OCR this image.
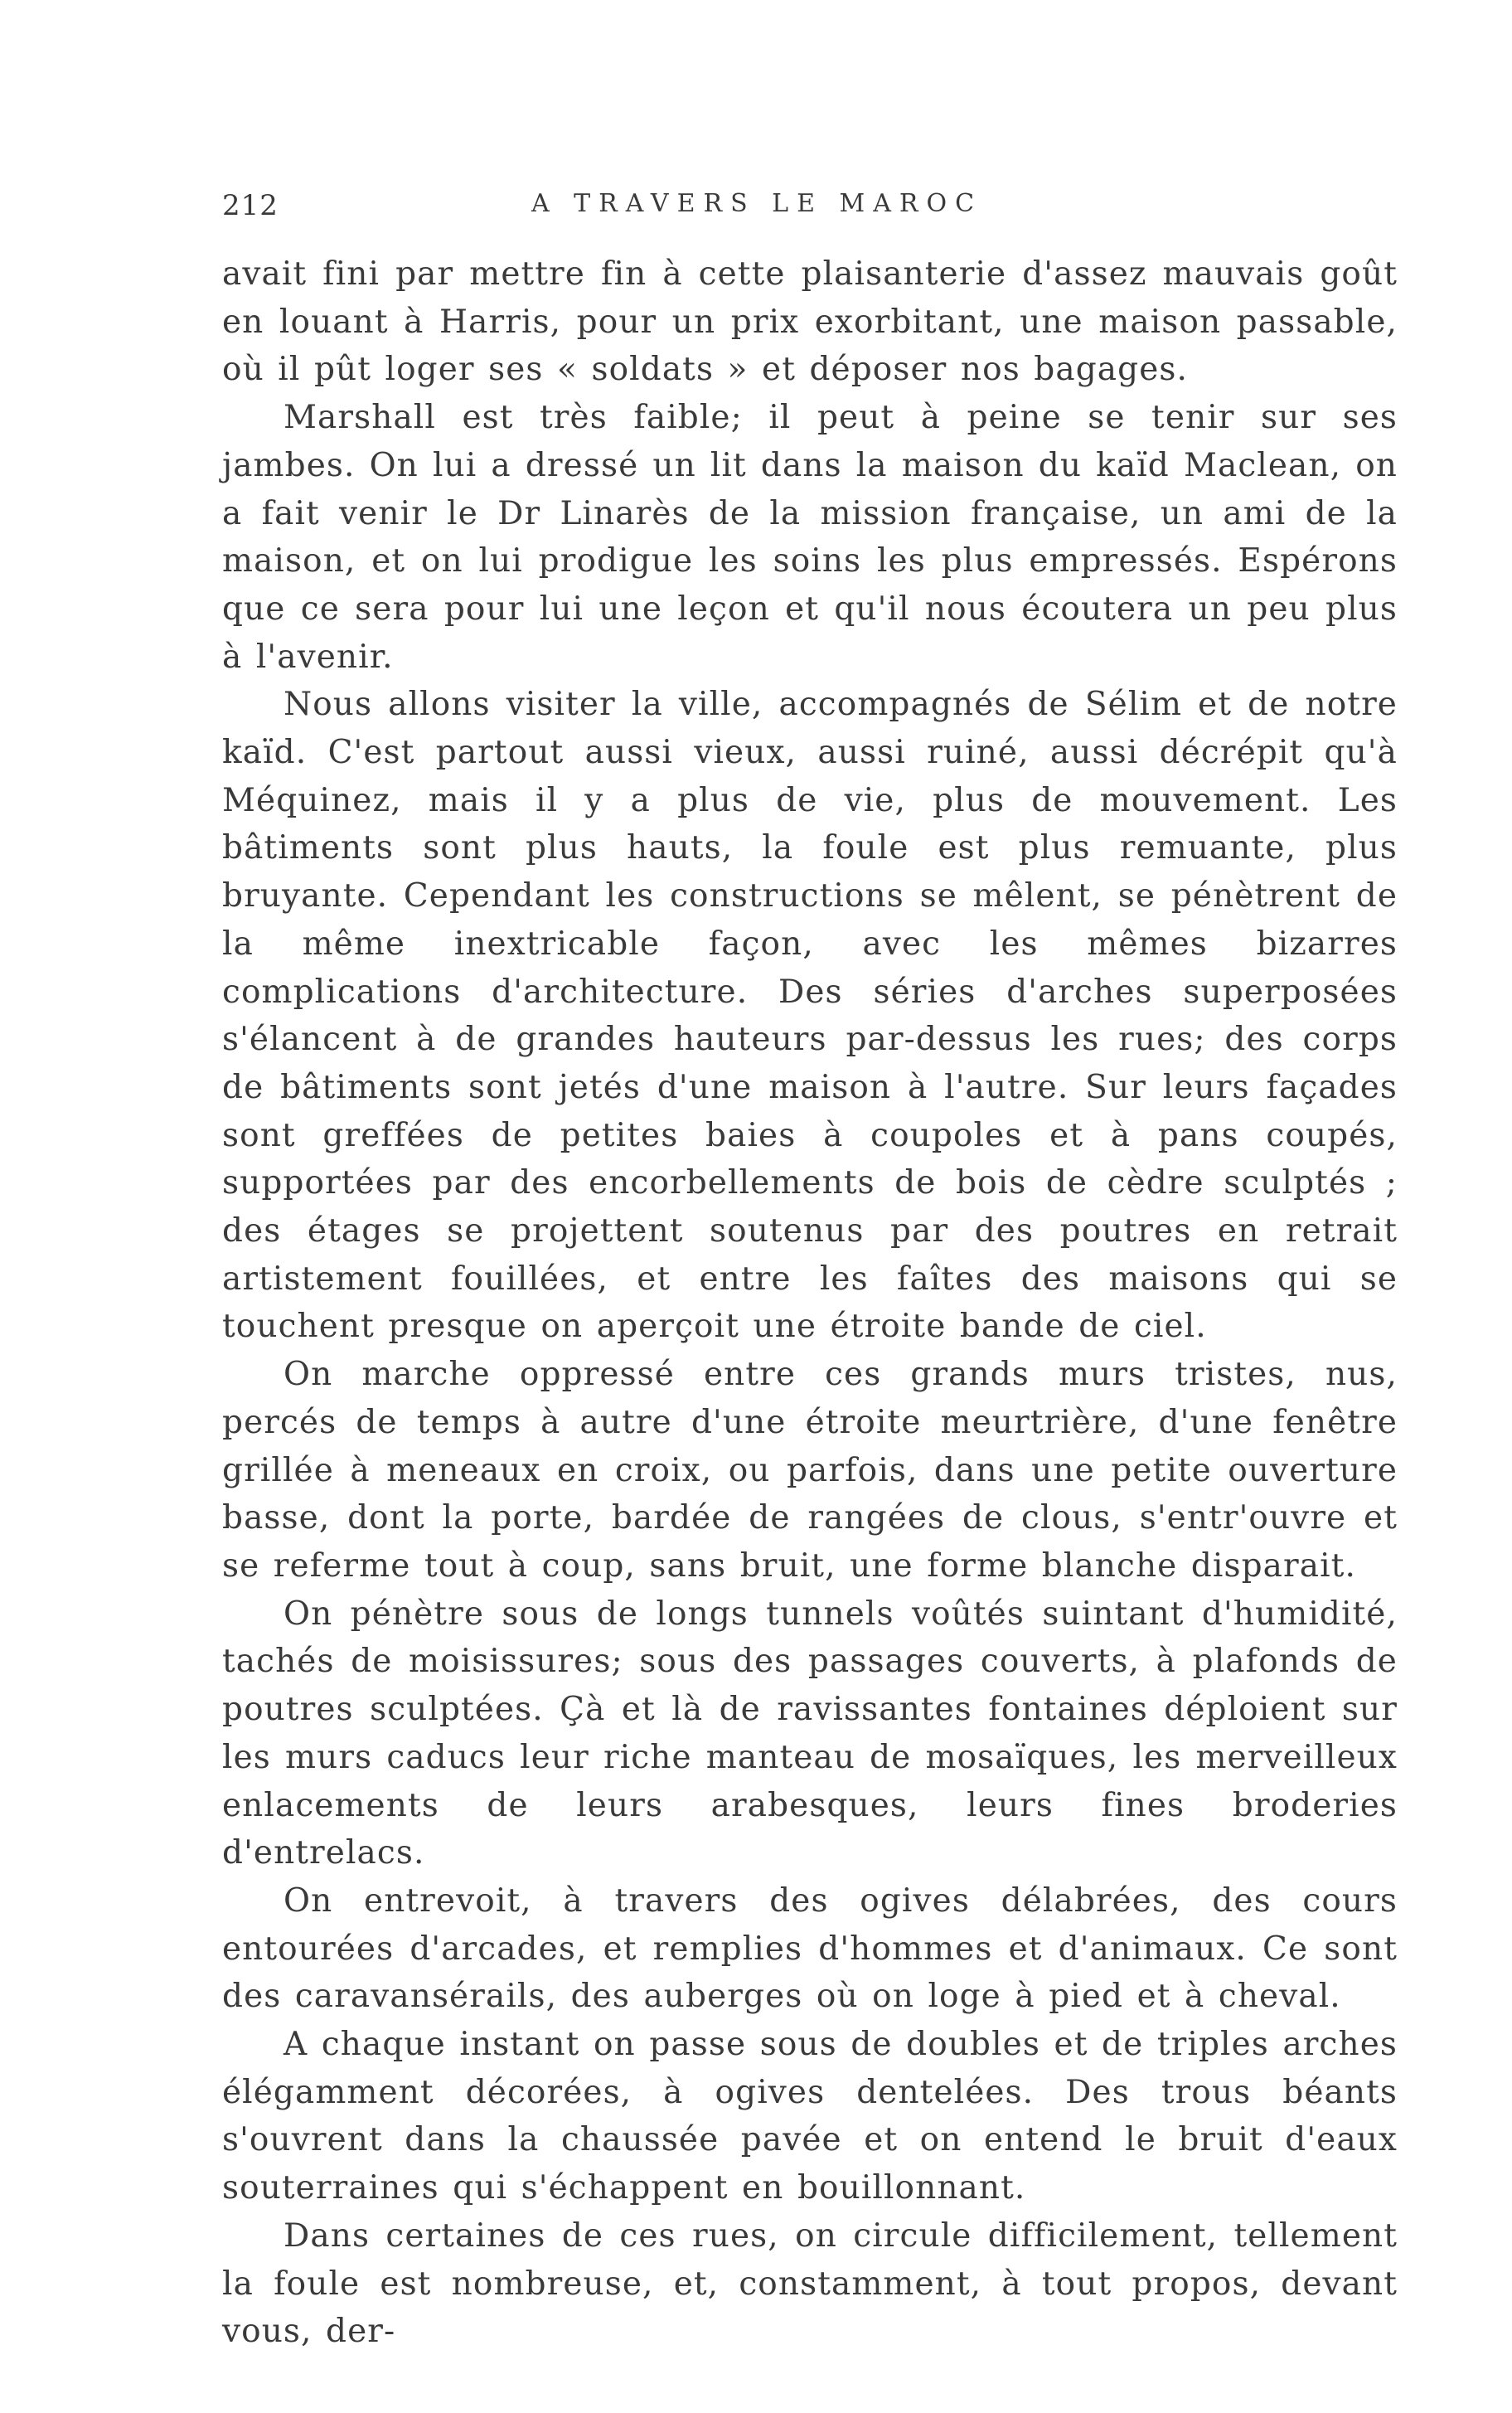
212	A TRAVERS LE MAROC

avait fini par mettre fin à cette plaisanterie d'assez mauvais goût en louant à Harris, pour un prix exorbitant, une maison passable, où il pût loger ses « soldats » et déposer nos bagages.

Marshall est très faible; il peut à peine se tenir sur ses jambes. On lui a dressé un lit dans la maison du kaïd Maclean, on a fait venir le Dr Linarès de la mission française, un ami de la maison, et on lui prodigue les soins les plus empressés. Espérons que ce sera pour lui une leçon et qu'il nous écoutera un peu plus à l'avenir.

Nous allons visiter la ville, accompagnés de Sélim et de notre kaïd. C'est partout aussi vieux, aussi ruiné, aussi décrépit qu'à Méquinez, mais il y a plus de vie, plus de mouvement. Les bâtiments sont plus hauts, la foule est plus remuante, plus bruyante. Cependant les constructions se mêlent, se pénètrent de la même inextricable façon, avec les mêmes bizarres complications d'architecture. Des séries d'arches superposées s'élancent à de grandes hauteurs par-dessus les rues; des corps de bâtiments sont jetés d'une maison à l'autre. Sur leurs façades sont greffées de petites baies à coupoles et à pans coupés, supportées par des encorbellements de bois de cèdre sculptés ; des étages se projettent soutenus par des poutres en retrait artistement fouillées, et entre les faîtes des maisons qui se touchent presque on aperçoit une étroite bande de ciel.

On marche oppressé entre ces grands murs tristes, nus, percés de temps à autre d'une étroite meurtrière, d'une fenêtre grillée à meneaux en croix, ou parfois, dans une petite ouverture basse, dont la porte, bardée de rangées de clous, s'entr'ouvre et se referme tout à coup, sans bruit, une forme blanche disparait.

On pénètre sous de longs tunnels voûtés suintant d'humidité, tachés de moisissures; sous des passages couverts, à plafonds de poutres sculptées. Çà et là de ravissantes fontaines déploient sur les murs caducs leur riche manteau de mosaïques, les merveilleux enlacements de leurs arabesques, leurs fines broderies d'entrelacs.

On entrevoit, à travers des ogives délabrées, des cours entourées d'arcades, et remplies d'hommes et d'animaux. Ce sont des caravansérails, des auberges où on loge à pied et à cheval.

A chaque instant on passe sous de doubles et de triples arches élégamment décorées, à ogives dentelées. Des trous béants s'ouvrent dans la chaussée pavée et on entend le bruit d'eaux souterraines qui s'échappent en bouillonnant.

Dans certaines de ces rues, on circule difficilement, tellement la foule est nombreuse, et, constamment, à tout propos, devant vous, der-
